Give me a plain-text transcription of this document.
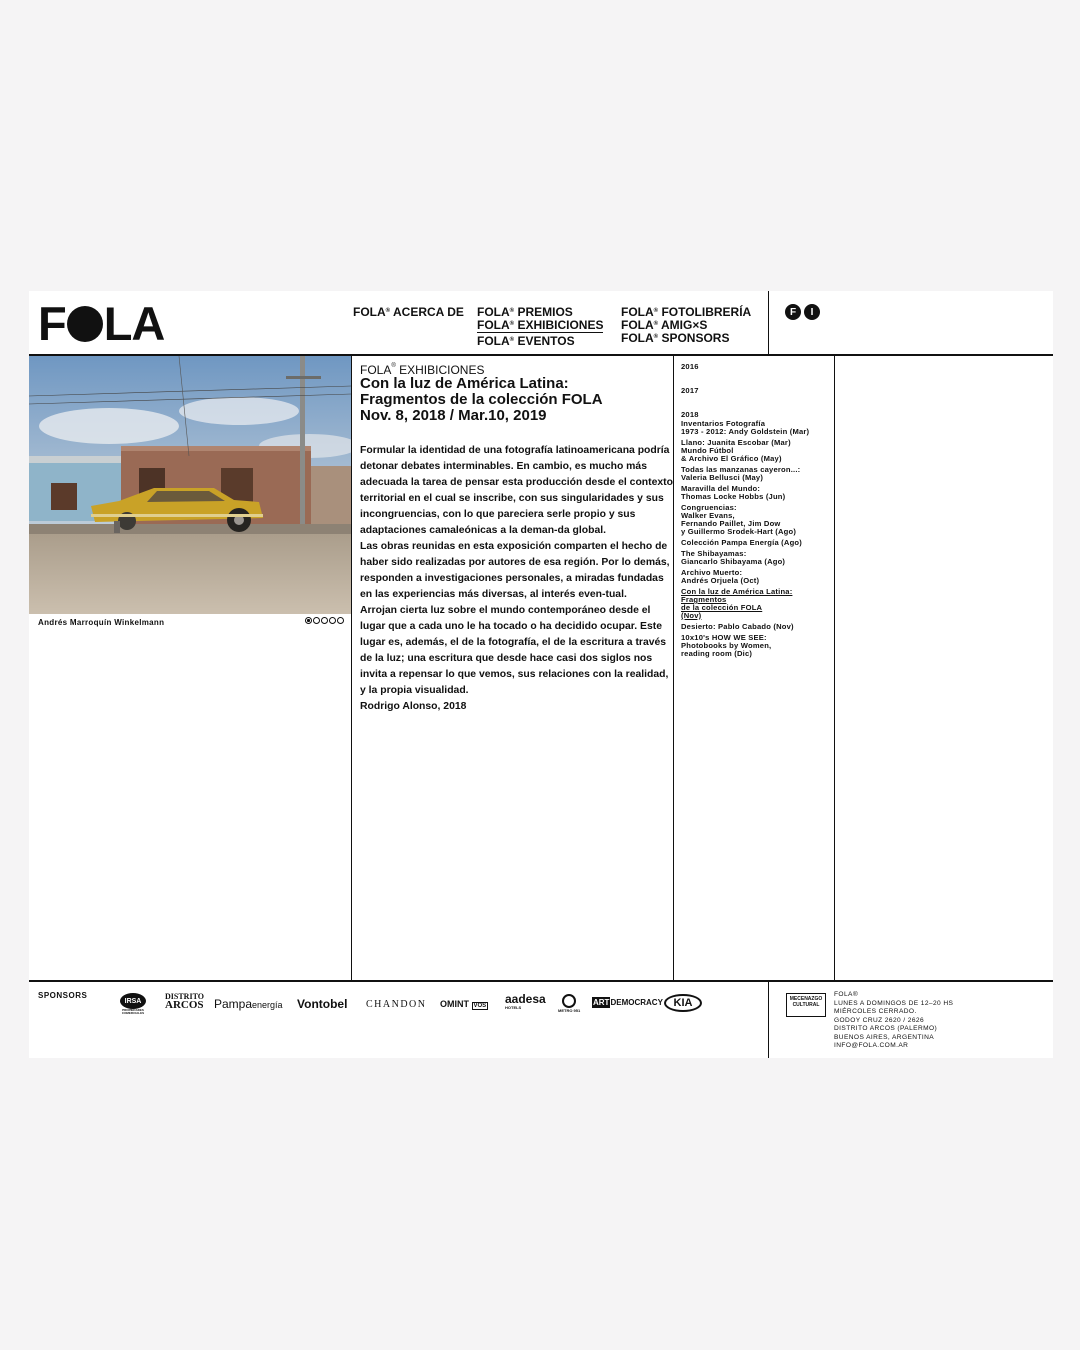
F LA	FOLA® ACERCA DE FOLA® PREMIOS
FOLA® EXHIBICIONES
FOLA® EVENTOS
FOLA® FOTOLIBRERÍA
FOLA® AMIG×S
FOLA® SPONSORS
F	I
Andrés Marroquín Winkelmann
FOLA® EXHIBICIONES
Con la luz de América Latina:
Fragmentos de la colección FOLA
Nov. 8, 2018 / Mar.10, 2019

Formular la identidad de una fotografía latinoamericana podría detonar debates interminables. En cambio, es mucho más adecuada la tarea de pensar esta producción desde el contexto territorial en el cual se inscribe, con sus singularidades y sus incongruencias, con lo que pareciera serle propio y sus adaptaciones camaleónicas a la deman-da global.

Las obras reunidas en esta exposición comparten el hecho de haber sido realizadas por autores de esa región. Por lo demás, responden a investigaciones personales, a miradas fundadas en las experiencias más diversas, al interés even-tual.

Arrojan cierta luz sobre el mundo contemporáneo desde el lugar que a cada uno le ha tocado o ha decidido ocupar. Este lugar es, además, el de la fotografía, el de la escritura a través de la luz; una escritura que desde hace casi dos siglos nos invita a repensar lo que vemos, sus relaciones con la realidad, y la propia visualidad.

Rodrigo Alonso, 2018

2016
2017
2018
Inventarios Fotografía
1973 - 2012: Andy Goldstein (Mar)
Llano: Juanita Escobar (Mar)
Mundo Fútbol
& Archivo El Gráfico (May)
Todas las manzanas cayeron...:
Valeria Bellusci (May)
Maravilla del Mundo:
Thomas Locke Hobbs (Jun)
Congruencias:
Walker Evans,
Fernando Paillet, Jim Dow
y Guillermo Srodek-Hart (Ago)
Colección Pampa Energía (Ago)
The Shibayamas:
Giancarlo Shibayama (Ago)
Archivo Muerto:
Andrés Orjuela (Oct)
Con la luz de América Latina:
Fragmentos
de la colección FOLA
(Nov)
Desierto: Pablo Cabado (Nov)
10x10's HOW WE SEE:
Photobooks by Women,
reading room (Dic)
SPONSORS
IRSA
PROPIEDADES COMERCIALES
DISTRITO
ARCOS Pampaenergía Vontobel CHANDON OMINT VOS aadesa
HOTELS
METRO 951
ARTDEMOCRACY KIA	MECENAZGO
CULTURAL
FOLA®
LUNES A DOMINGOS DE 12–20 HS
MIÉRCOLES CERRADO.
GODOY CRUZ 2620 / 2626
DISTRITO ARCOS (PALERMO)
BUENOS AIRES, ARGENTINA
INFO@FOLA.COM.AR
